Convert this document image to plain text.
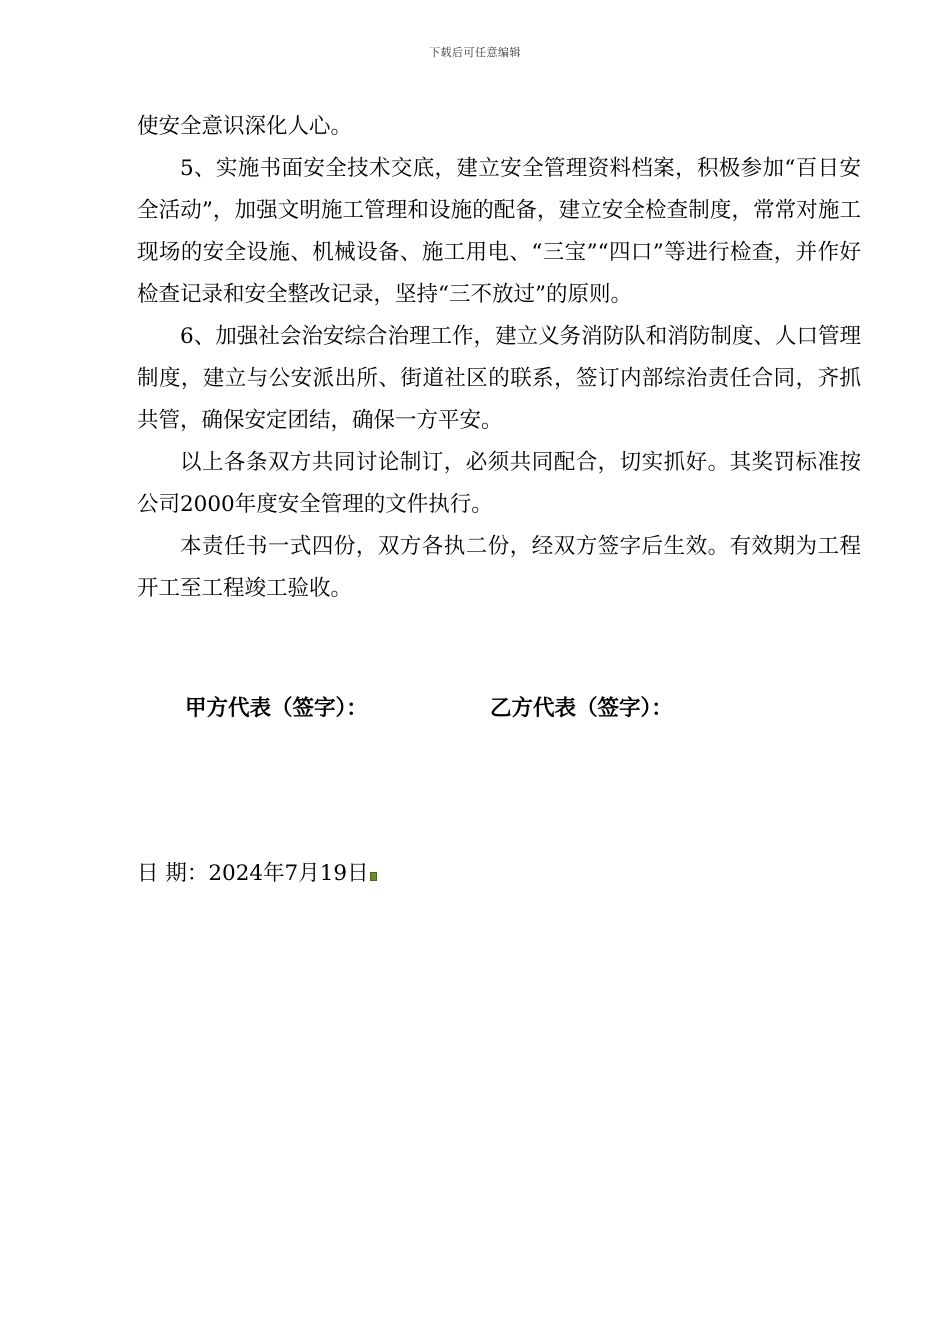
下载后可任意编辑

使安全意识深化人心。

5、实施书面安全技术交底，建立安全管理资料档案，积极参加“百日安全活动”，加强文明施工管理和设施的配备，建立安全检查制度，常常对施工现场的安全设施、机械设备、施工用电、“三宝”“四口”等进行检查，并作好检查记录和安全整改记录，坚持“三不放过”的原则。

6、加强社会治安综合治理工作，建立义务消防队和消防制度、人口管理制度，建立与公安派出所、街道社区的联系，签订内部综治责任合同，齐抓共管，确保安定团结，确保一方平安。

以上各条双方共同讨论制订，必须共同配合，切实抓好。其奖罚标准按公司2000年度安全管理的文件执行。

本责任书一式四份，双方各执二份，经双方签字后生效。有效期为工程开工至工程竣工验收。

甲方代表（签字）：	乙方代表（签字）：
日 期：2024年7月19日
